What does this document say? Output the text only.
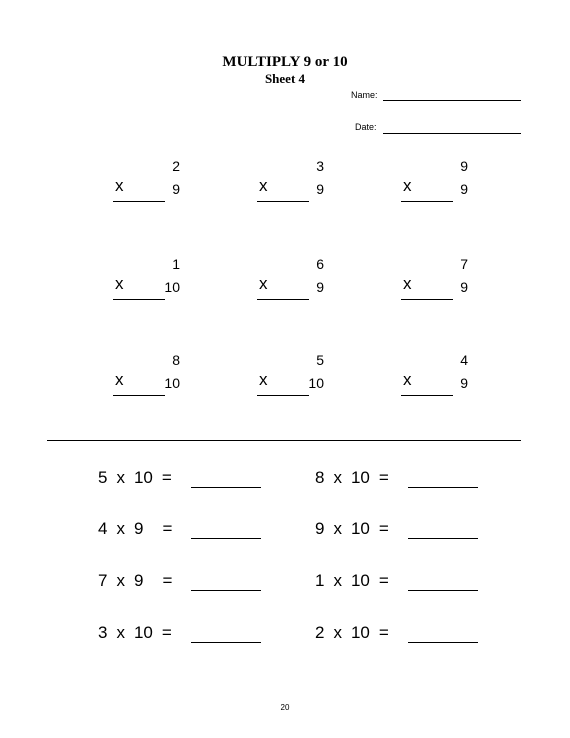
MULTIPLY 9 or 10
Sheet 4
Name:
Date:
2
x	9
3
x	9
9
x	9
1
x	10
6
x	9
7
x	9
8
x	10
5
x	10
4
x	9
5 x 10 =	8 x 10 =
4 x 9 =	9 x 10 =
7 x 9 =	1 x 10 =
3 x 10 =	2 x 10 =
20
